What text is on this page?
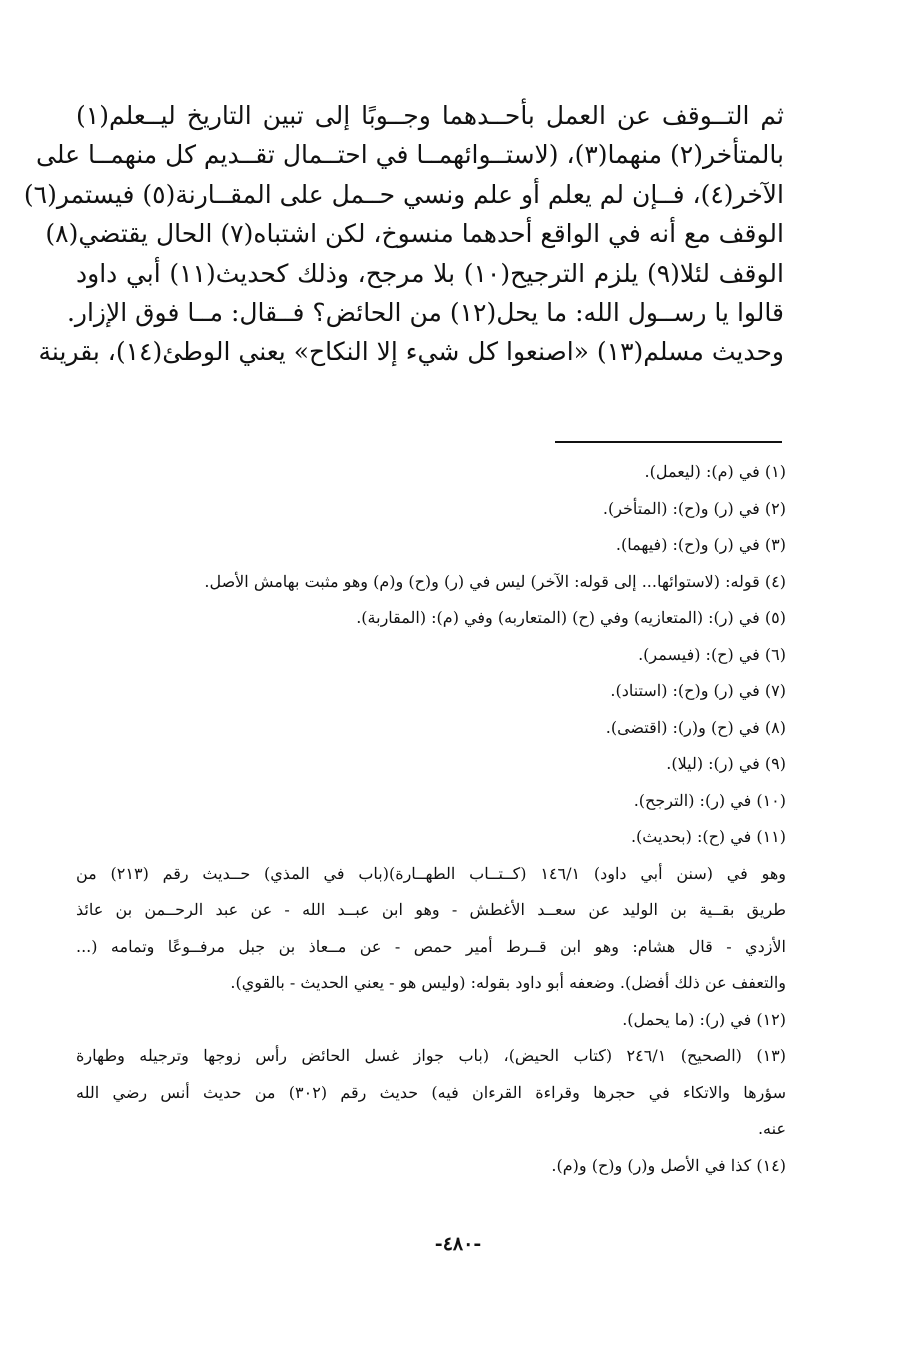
ثم التــوقف عن العمل بأحــدهما وجــوبًا إلى تبين التاريخ ليــعلم(١)
بالمتأخر(٢) منهما(٣)، (لاستــوائهمــا في احتــمال تقــديم كل منهمــا على
الآخر(٤)، فــإن لم يعلم أو علم ونسي حــمل على المقــارنة(٥) فيستمر(٦)
الوقف مع أنه في الواقع أحدهما منسوخ، لكن اشتباه(٧) الحال يقتضي(٨)
الوقف لئلا(٩) يلزم الترجيح(١٠) بلا مرجح، وذلك كحديث(١١) أبي داود
قالوا يا رســول الله: ما يحل(١٢) من الحائض؟ فــقال: مــا فوق الإزار.
وحديث مسلم(١٣) «اصنعوا كل شيء إلا النكاح» يعني الوطئ(١٤)، بقرينة
(١) في (م): (ليعمل).
(٢) في (ر) و(ح): (المتأخر).
(٣) في (ر) و(ح): (فيهما).
(٤) قوله: (لاستوائها... إلى قوله: الآخر) ليس في (ر) و(ح) و(م) وهو مثبت بهامش الأصل.
(٥) في (ر): (المتعازيه) وفي (ح) (المتعاربه) وفي (م): (المقاربة).
(٦) في (ح): (فيسمر).
(٧) في (ر) و(ح): (استناد).
(٨) في (ح) و(ر): (اقتضى).
(٩) في (ر): (ليلا).
(١٠) في (ر): (الترجح).
(١١) في (ح): (بحديث).
وهو في (سنن أبي داود) ١٤٦/١ (كــتــاب الطهــارة)(باب في المذي) حــديث رقم (٢١٣) من
طريق بقــية بن الوليد عن سعــد الأغطش - وهو ابن عبــد الله - عن عبد الرحــمن بن عائذ
الأزدي - قال هشام: وهو ابن قــرط أمير حمص - عن مــعاذ بن جبل مرفــوعًا وتمامه (...
والتعفف عن ذلك أفضل). وضعفه أبو داود بقوله: (وليس هو - يعني الحديث - بالقوي).
(١٢) في (ر): (ما يحمل).
(١٣) (الصحيح) ٢٤٦/١ (كتاب الحيض)، (باب جواز غسل الحائض رأس زوجها وترجيله وطهارة
سؤرها والاتكاء في حجرها وقراءة القرءان فيه) حديث رقم (٣٠٢) من حديث أنس رضي الله
عنه.
(١٤) كذا في الأصل و(ر) و(ح) و(م).
-٤٨٠-
